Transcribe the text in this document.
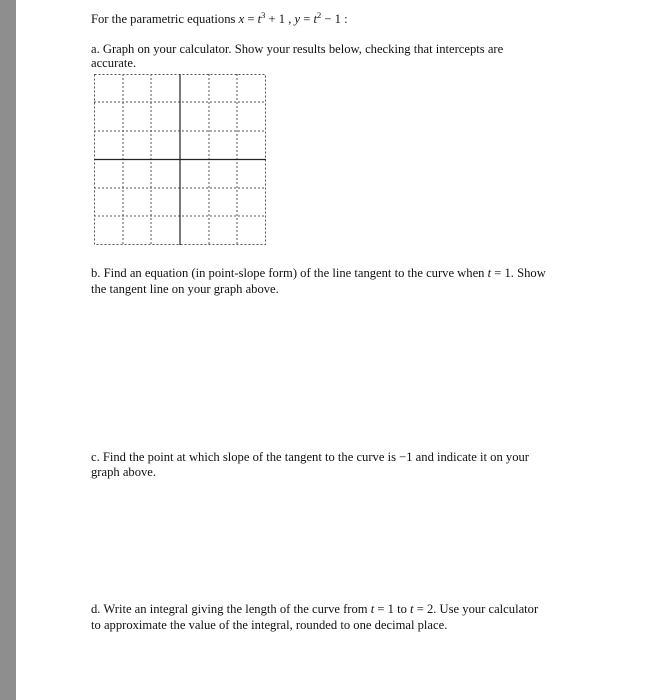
For the parametric equations $x = t^3 + 1$ , $y = t^2 - 1$ :
a. Graph on your calculator. Show your results below, checking that intercepts are
accurate.
b. Find an equation (in point-slope form) of the line tangent to the curve when t = 1. Show
the tangent line on your graph above.
c. Find the point at which slope of the tangent to the curve is −1 and indicate it on your
graph above.
d. Write an integral giving the length of the curve from t = 1 to t = 2. Use your calculator
to approximate the value of the integral, rounded to one decimal place.
